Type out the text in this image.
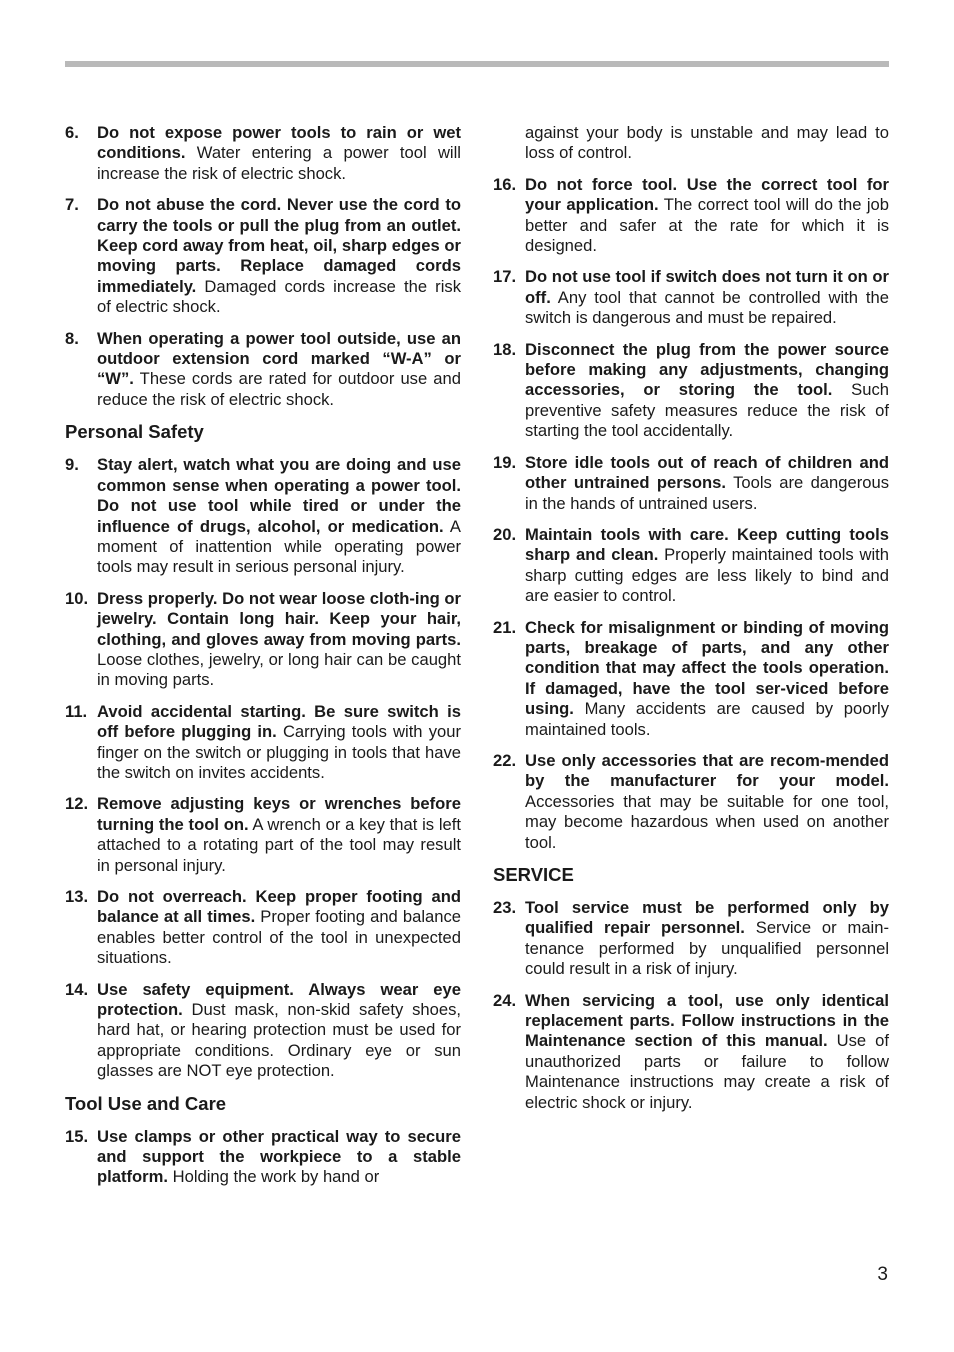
6. Do not expose power tools to rain or wet conditions. Water entering a power tool will increase the risk of electric shock.
7. Do not abuse the cord. Never use the cord to carry the tools or pull the plug from an outlet. Keep cord away from heat, oil, sharp edges or moving parts. Replace damaged cords immediately. Damaged cords increase the risk of electric shock.
8. When operating a power tool outside, use an outdoor extension cord marked “W-A” or “W”. These cords are rated for outdoor use and reduce the risk of electric shock.
Personal Safety
9. Stay alert, watch what you are doing and use common sense when operating a power tool. Do not use tool while tired or under the influence of drugs, alcohol, or medication. A moment of inattention while operating power tools may result in serious personal injury.
10. Dress properly. Do not wear loose cloth-ing or jewelry. Contain long hair. Keep your hair, clothing, and gloves away from moving parts. Loose clothes, jewelry, or long hair can be caught in moving parts.
11. Avoid accidental starting. Be sure switch is off before plugging in. Carrying tools with your finger on the switch or plugging in tools that have the switch on invites accidents.
12. Remove adjusting keys or wrenches before turning the tool on. A wrench or a key that is left attached to a rotating part of the tool may result in personal injury.
13. Do not overreach. Keep proper footing and balance at all times. Proper footing and balance enables better control of the tool in unexpected situations.
14. Use safety equipment. Always wear eye protection. Dust mask, non-skid safety shoes, hard hat, or hearing protection must be used for appropriate conditions. Ordinary eye or sun glasses are NOT eye protection.
Tool Use and Care
15. Use clamps or other practical way to secure and support the workpiece to a stable platform. Holding the work by hand or
against your body is unstable and may lead to loss of control.
16. Do not force tool. Use the correct tool for your application. The correct tool will do the job better and safer at the rate for which it is designed.
17. Do not use tool if switch does not turn it on or off. Any tool that cannot be controlled with the switch is dangerous and must be repaired.
18. Disconnect the plug from the power source before making any adjustments, changing accessories, or storing the tool. Such preventive safety measures reduce the risk of starting the tool accidentally.
19. Store idle tools out of reach of children and other untrained persons. Tools are dangerous in the hands of untrained users.
20. Maintain tools with care. Keep cutting tools sharp and clean. Properly maintained tools with sharp cutting edges are less likely to bind and are easier to control.
21. Check for misalignment or binding of moving parts, breakage of parts, and any other condition that may affect the tools operation. If damaged, have the tool ser-viced before using. Many accidents are caused by poorly maintained tools.
22. Use only accessories that are recom-mended by the manufacturer for your model. Accessories that may be suitable for one tool, may become hazardous when used on another tool.
SERVICE
23. Tool service must be performed only by qualified repair personnel. Service or main-tenance performed by unqualified personnel could result in a risk of injury.
24. When servicing a tool, use only identical replacement parts. Follow instructions in the Maintenance section of this manual. Use of unauthorized parts or failure to follow Maintenance instructions may create a risk of electric shock or injury.
3
